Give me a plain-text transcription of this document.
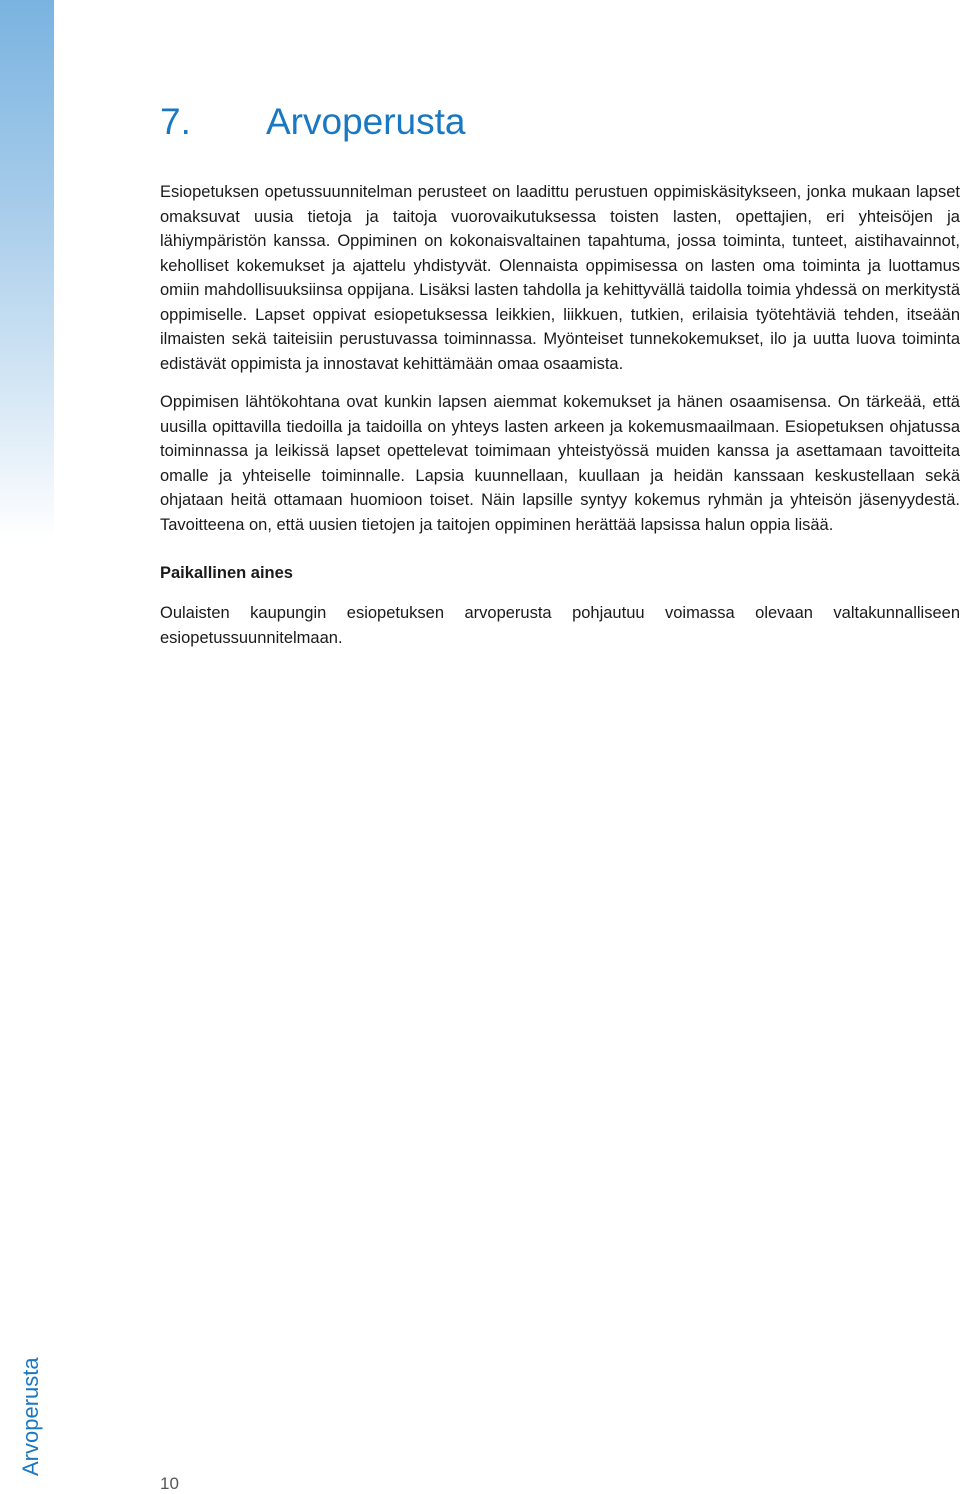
7.	Arvoperusta

Esiopetuksen opetussuunnitelman perusteet on laadittu perustuen oppimiskäsitykseen, jonka mukaan lapset omaksuvat uusia tietoja ja taitoja vuorovaikutuksessa toisten lasten, opettajien, eri yhteisöjen ja lähiympäristön kanssa. Oppiminen on kokonaisvaltainen tapahtuma, jossa toiminta, tunteet, aistihavainnot, keholliset kokemukset ja ajattelu yhdistyvät. Olennaista oppimisessa on lasten oma toiminta ja luottamus omiin mahdollisuuksiinsa oppijana. Lisäksi lasten tahdolla ja kehittyvällä taidolla toimia yhdessä on merkitystä oppimiselle. Lapset oppivat esiopetuksessa leikkien, liikkuen, tutkien, erilaisia työtehtäviä tehden, itseään ilmaisten sekä taiteisiin perustuvassa toiminnassa. Myönteiset tunnekokemukset, ilo ja uutta luova toiminta edistävät oppimista ja innostavat kehittämään omaa osaamista.

Oppimisen lähtökohtana ovat kunkin lapsen aiemmat kokemukset ja hänen osaamisensa. On tärkeää, että uusilla opittavilla tiedoilla ja taidoilla on yhteys lasten arkeen ja kokemusmaailmaan. Esiopetuksen ohjatussa toiminnassa ja leikissä lapset opettelevat toimimaan yhteistyössä muiden kanssa ja asettamaan tavoitteita omalle ja yhteiselle toiminnalle. Lapsia kuunnellaan, kuullaan ja heidän kanssaan keskustellaan sekä ohjataan heitä ottamaan huomioon toiset. Näin lapsille syntyy kokemus ryhmän ja yhteisön jäsenyydestä. Tavoitteena on, että uusien tietojen ja taitojen oppiminen herättää lapsissa halun oppia lisää.

Paikallinen aines

Oulaisten kaupungin esiopetuksen arvoperusta pohjautuu voimassa olevaan valtakunnalliseen esiopetussuunnitelmaan.

Arvoperusta
10
